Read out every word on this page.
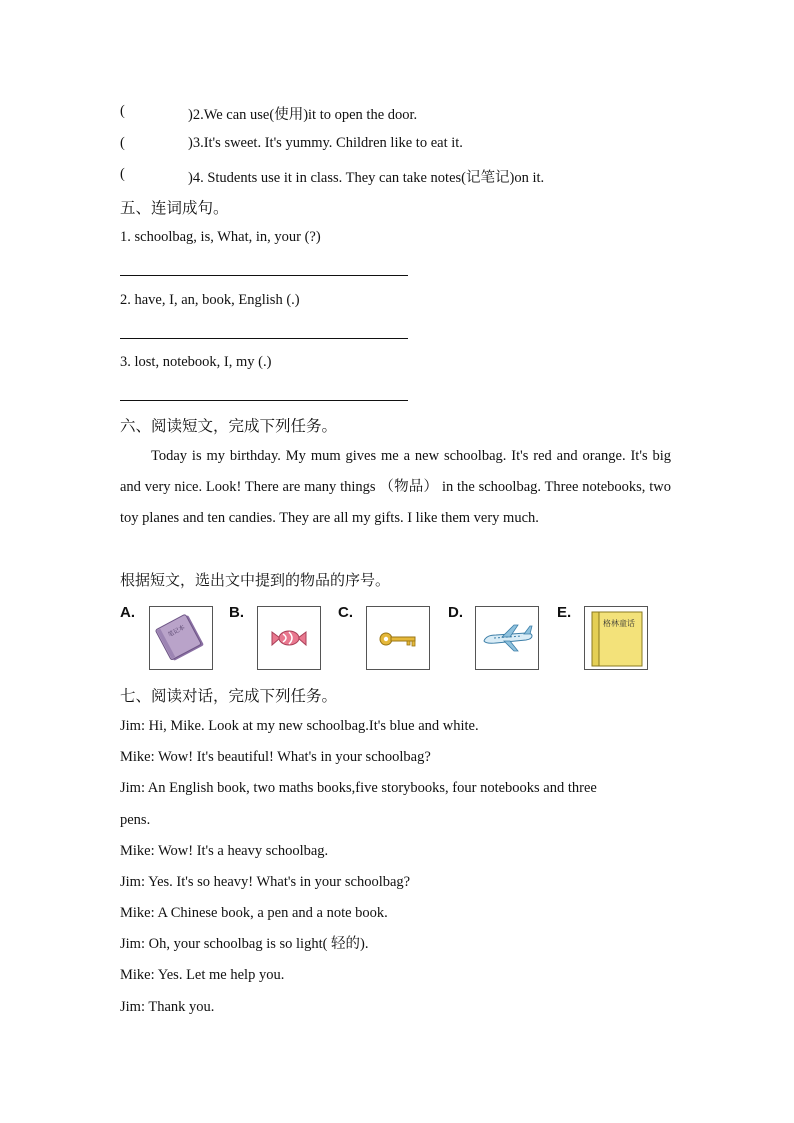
(	)2.We can use(使用)it to open the door.
(	)3.It's sweet. It's yummy. Children like to eat it.
(	)4. Students use it in class. They can take notes(记笔记)on it.
五、连词成句。
1. schoolbag, is, What, in, your (?)
2. have, I, an, book, English (.)
3. lost, notebook, I, my (.)
六、阅读短文，完成下列任务。
Today is my birthday. My mum gives me a new schoolbag. It's red and orange. It's big and very nice. Look! There are many things （物品） in the schoolbag. Three notebooks, two toy planes and ten candies. They are all my gifts. I like them very much.
根据短文，选出文中提到的物品的序号。
A.
笔记本
B.	C.	D.	E.
格林童话
七、阅读对话，完成下列任务。
Jim: Hi, Mike. Look at my new schoolbag.It's blue and white.
Mike: Wow! It's beautiful! What's in your schoolbag?
Jim: An English book, two maths books,five storybooks, four notebooks and three
pens.
Mike: Wow! It's a heavy schoolbag.
Jim: Yes. It's so heavy! What's in your schoolbag?
Mike: A Chinese book, a pen and a note book.
Jim: Oh, your schoolbag is so light( 轻的).
Mike: Yes. Let me help you.
Jim: Thank you.
